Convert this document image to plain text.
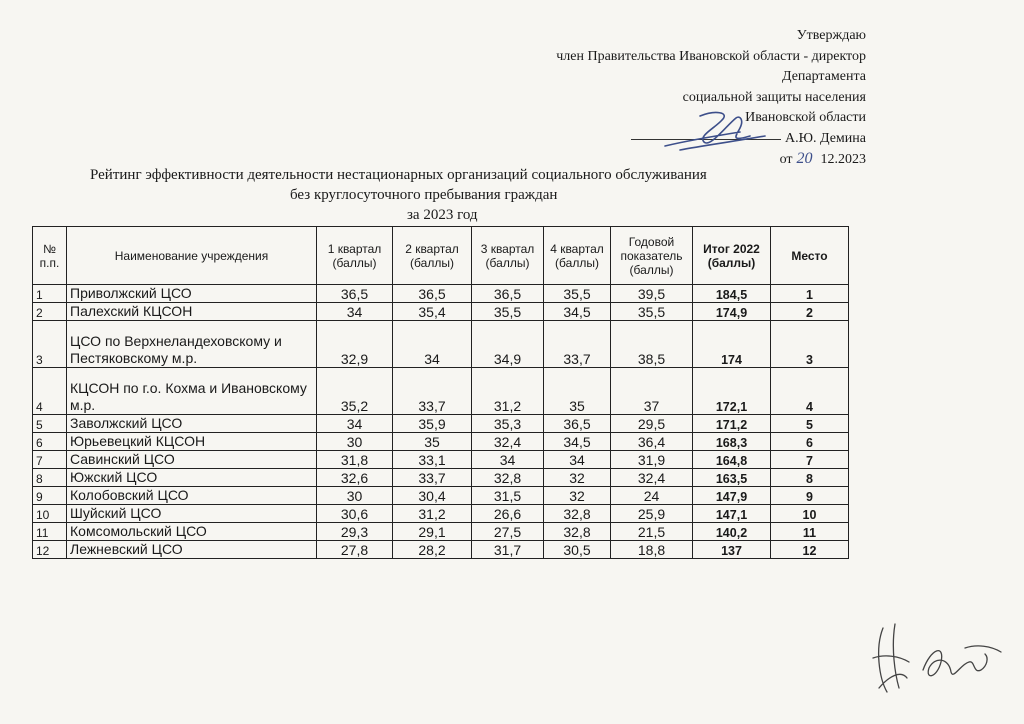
Утверждаю
член Правительства Ивановской области - директор
Департамента
социальной защиты населения
Ивановской области
А.Ю. Демина
от 20 12.2023
Рейтинг эффективности деятельности нестационарных организаций социального обслуживания
без круглосуточного пребывания граждан
за 2023 год
№ п.п.	Наименование учреждения	1 квартал (баллы)	2 квартал (баллы)	3 квартал (баллы)	4 квартал (баллы)	Годовой показатель (баллы)	Итог 2022 (баллы)	Место
1	Приволжский ЦСО	36,5	36,5	36,5	35,5	39,5	184,5	1
2	Палехский КЦСОН	34	35,4	35,5	34,5	35,5	174,9	2
3	ЦСО по Верхнеландеховскому и Пестяковскому м.р.	32,9	34	34,9	33,7	38,5	174	3
4	КЦСОН по г.о. Кохма и Ивановскому м.р.	35,2	33,7	31,2	35	37	172,1	4
5	Заволжский ЦСО	34	35,9	35,3	36,5	29,5	171,2	5
6	Юрьевецкий КЦСОН	30	35	32,4	34,5	36,4	168,3	6
7	Савинский ЦСО	31,8	33,1	34	34	31,9	164,8	7
8	Южский ЦСО	32,6	33,7	32,8	32	32,4	163,5	8
9	Колобовский ЦСО	30	30,4	31,5	32	24	147,9	9
10	Шуйский ЦСО	30,6	31,2	26,6	32,8	25,9	147,1	10
11	Комсомольский ЦСО	29,3	29,1	27,5	32,8	21,5	140,2	11
12	Лежневский ЦСО	27,8	28,2	31,7	30,5	18,8	137	12
